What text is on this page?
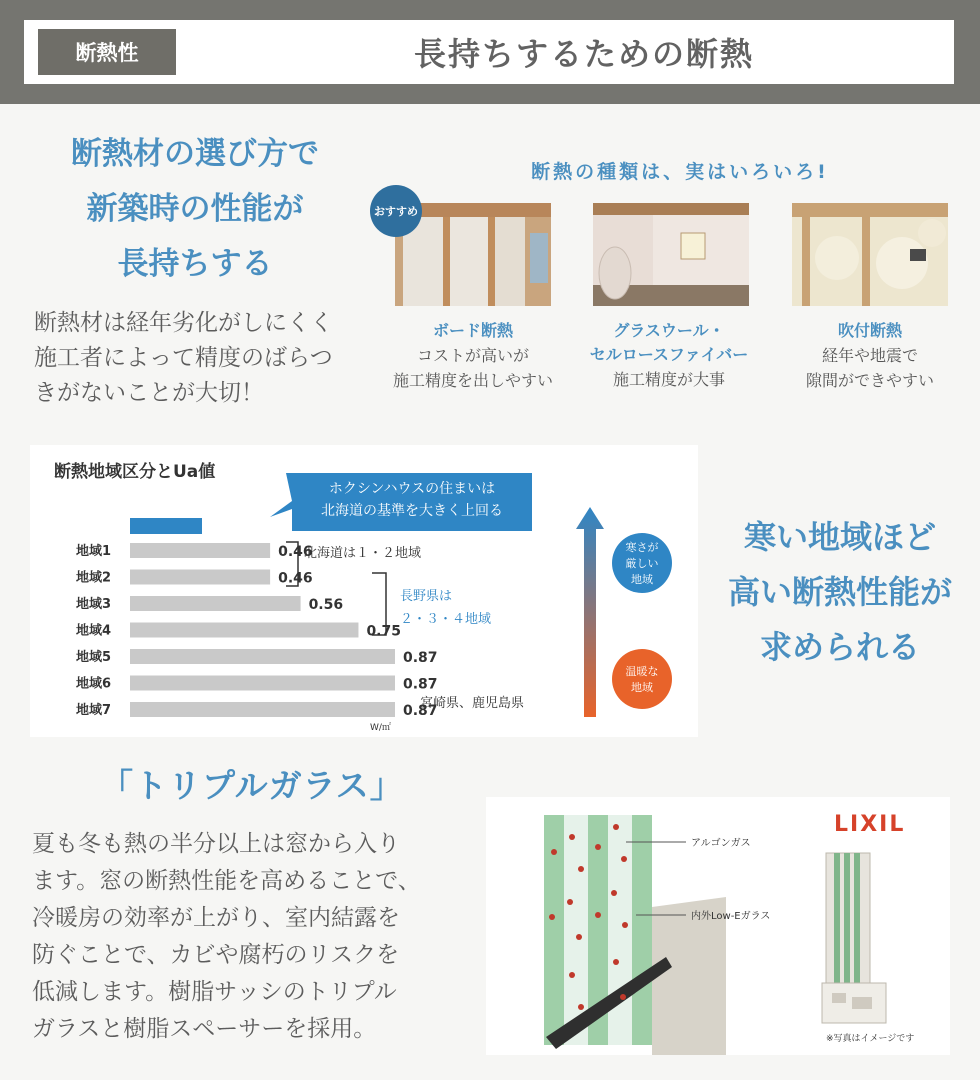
断熱性	長持ちするための断熱
断熱材の選び方で
新築時の性能が
長持ちする
断熱材は経年劣化がしにくく
施工者によって精度のばらつ
きがないことが大切！
断熱の種類は、実はいろいろ!
おすすめ
ボード断熱
コストが高いが
施工精度を出しやすい
グラスウール・
セルロースファイバー
施工精度が大事
吹付断熱
経年や地震で
隙間ができやすい
断熱地域区分とUa値
ホクシンハウスの住まいは
北海道の基準を大きく上回る
地域1	0.46
地域2	0.46
地域3	0.56
地域4	0.75
地域5	0.87
地域6	0.87
地域7	0.87
北海道は１・２地域
長野県は
２・３・４地域
宮崎県、鹿児島県
W/㎡
寒さが
厳しい
地域
温暖な
地域
寒い地域ほど
高い断熱性能が
求められる
「トリプルガラス」
夏も冬も熱の半分以上は窓から入り
ます。窓の断熱性能を高めることで、
冷暖房の効率が上がり、室内結露を
防ぐことで、カビや腐朽のリスクを
低減します。樹脂サッシのトリプル
ガラスと樹脂スペーサーを採用。
アルゴンガス
内外Low-Eガラス
LIXIL
※写真はイメージです
